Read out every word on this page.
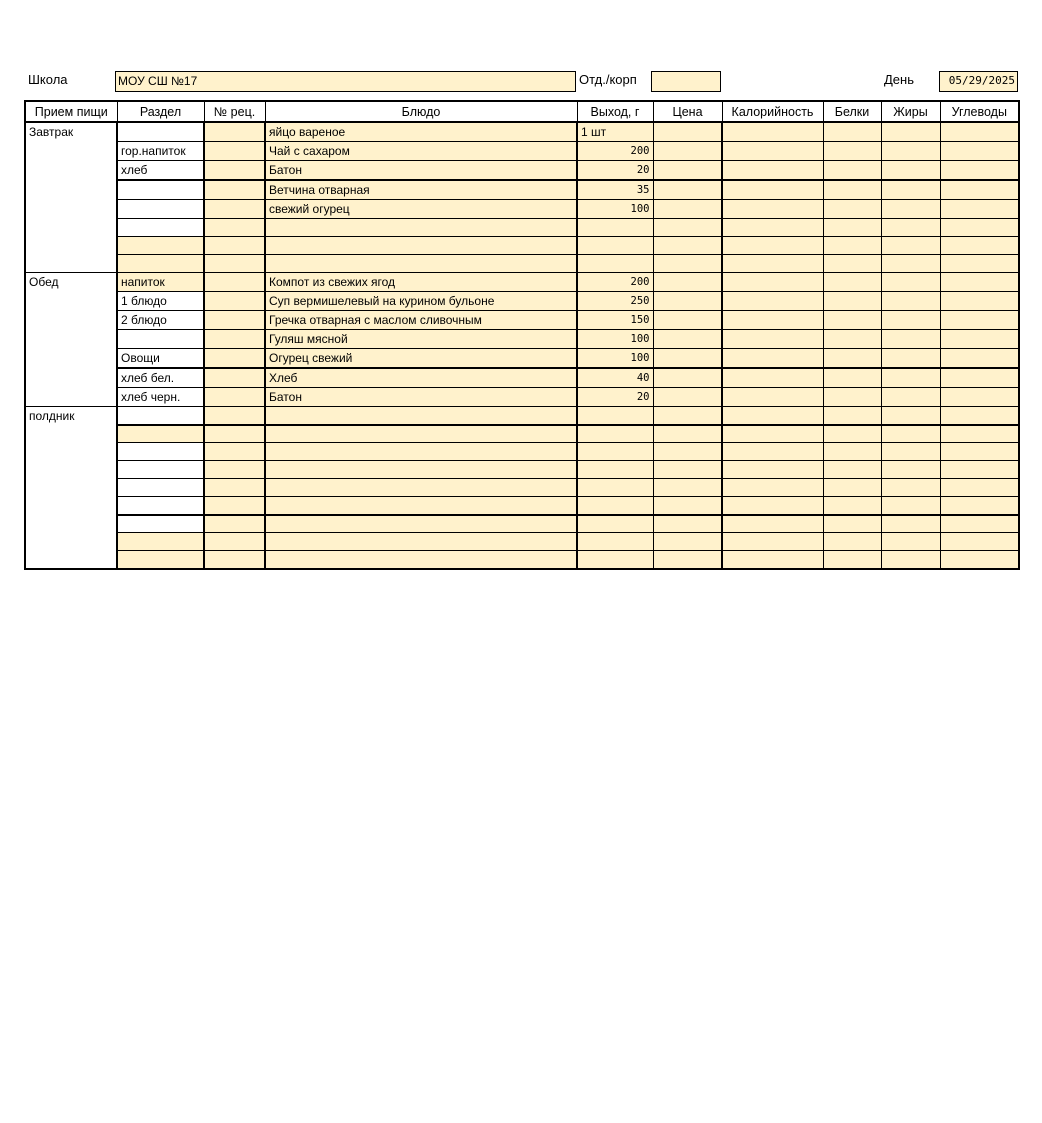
Школа	МОУ СШ №17	Отд./корп	День	05/29/2025
Прием пищи	Раздел	№ рец.	Блюдо	Выход, г	Цена	Калорийность	Белки	Жиры	Углеводы
Завтрак			яйцо вареное	1 шт					
	гор.напиток		Чай с сахаром	200					
	хлеб		Батон	20					
			Ветчина отварная	35					
			свежий огурец	100					

Обед	напиток		Компот из свежих ягод	200					
	1 блюдо		Суп вермишелевый на курином бульоне	250					
	2 блюдо		Гречка отварная с маслом сливочным	150					
			Гуляш мясной	100					
	Овощи		Огурец свежий	100					
	хлеб бел.		Хлеб	40					
	хлеб черн.		Батон	20					
полдник									
